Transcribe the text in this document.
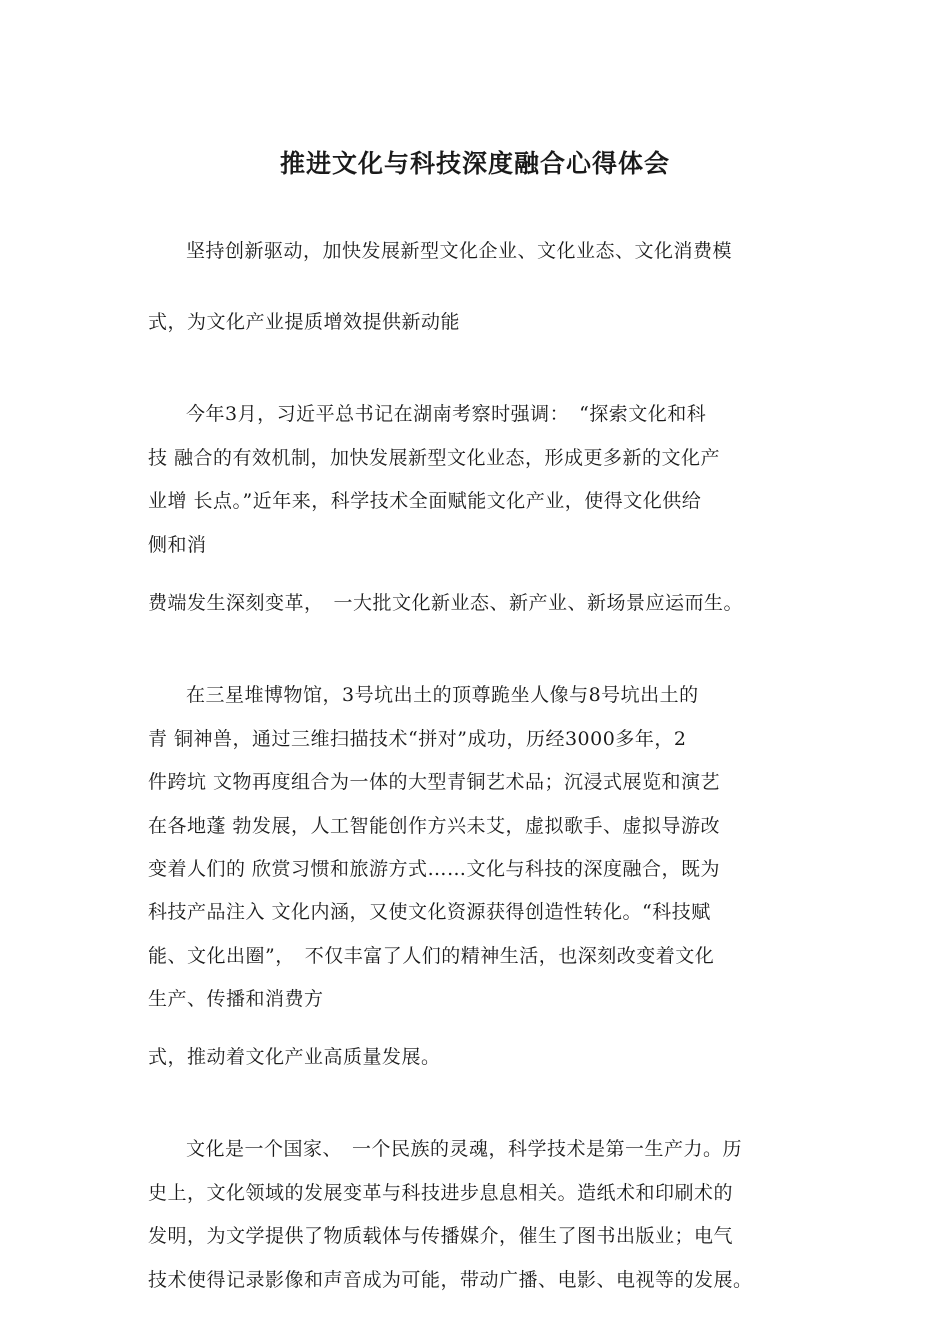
推进文化与科技深度融合心得体会
坚持创新驱动，加快发展新型文化企业、文化业态、文化消费模
式，为文化产业提质增效提供新动能
今年3月，习近平总书记在湖南考察时强调：　“探索文化和科
技 融合的有效机制，加快发展新型文化业态，形成更多新的文化产
业增 长点。”近年来，科学技术全面赋能文化产业，使得文化供给
侧和消
费端发生深刻变革，　一大批文化新业态、新产业、新场景应运而生。
在三星堆博物馆，3号坑出土的顶尊跪坐人像与8号坑出土的
青 铜神兽，通过三维扫描技术“拼对”成功，历经3000多年，2
件跨坑 文物再度组合为一体的大型青铜艺术品；沉浸式展览和演艺
在各地蓬 勃发展，人工智能创作方兴未艾，虚拟歌手、虚拟导游改
变着人们的 欣赏习惯和旅游方式……文化与科技的深度融合，既为
科技产品注入 文化内涵，又使文化资源获得创造性转化。“科技赋
能、文化出圈”，　不仅丰富了人们的精神生活，也深刻改变着文化
生产、传播和消费方
式，推动着文化产业高质量发展。
文化是一个国家、　一个民族的灵魂，科学技术是第一生产力。历
史上，文化领域的发展变革与科技进步息息相关。造纸术和印刷术的
发明，为文学提供了物质载体与传播媒介，催生了图书出版业；电气
技术使得记录影像和声音成为可能，带动广播、电影、电视等的发展。
